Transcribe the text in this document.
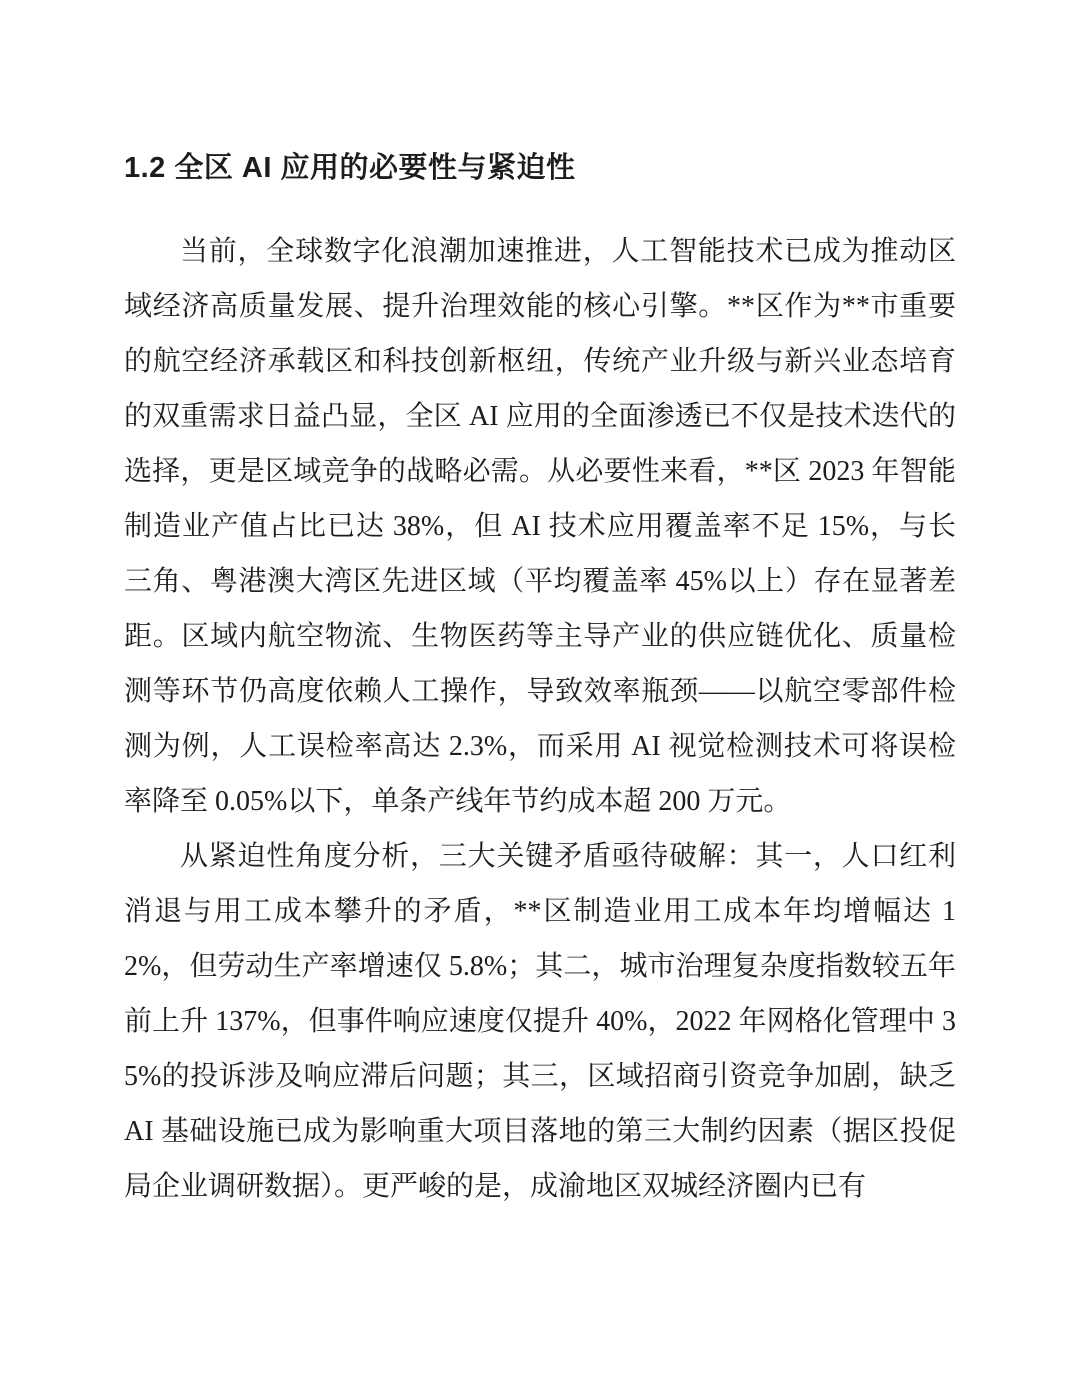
1.2 全区 AI 应用的必要性与紧迫性

当前，全球数字化浪潮加速推进，人工智能技术已成为推动区域经济高质量发展、提升治理效能的核心引擎。**区作为**市重要的航空经济承载区和科技创新枢纽，传统产业升级与新兴业态培育的双重需求日益凸显，全区 AI 应用的全面渗透已不仅是技术迭代的选择，更是区域竞争的战略必需。从必要性来看，**区 2023 年智能制造业产值占比已达 38%，但 AI 技术应用覆盖率不足 15%，与长三角、粤港澳大湾区先进区域（平均覆盖率 45%以上）存在显著差距。区域内航空物流、生物医药等主导产业的供应链优化、质量检测等环节仍高度依赖人工操作，导致效率瓶颈——以航空零部件检测为例，人工误检率高达 2.3%，而采用 AI 视觉检测技术可将误检率降至 0.05%以下，单条产线年节约成本超 200 万元。

从紧迫性角度分析，三大关键矛盾亟待破解：其一，人口红利消退与用工成本攀升的矛盾，**区制造业用工成本年均增幅达 12%，但劳动生产率增速仅 5.8%；其二，城市治理复杂度指数较五年前上升 137%，但事件响应速度仅提升 40%，2022 年网格化管理中 35%的投诉涉及响应滞后问题；其三，区域招商引资竞争加剧，缺乏 AI 基础设施已成为影响重大项目落地的第三大制约因素（据区投促局企业调研数据）。更严峻的是，成渝地区双城经济圈内已有
